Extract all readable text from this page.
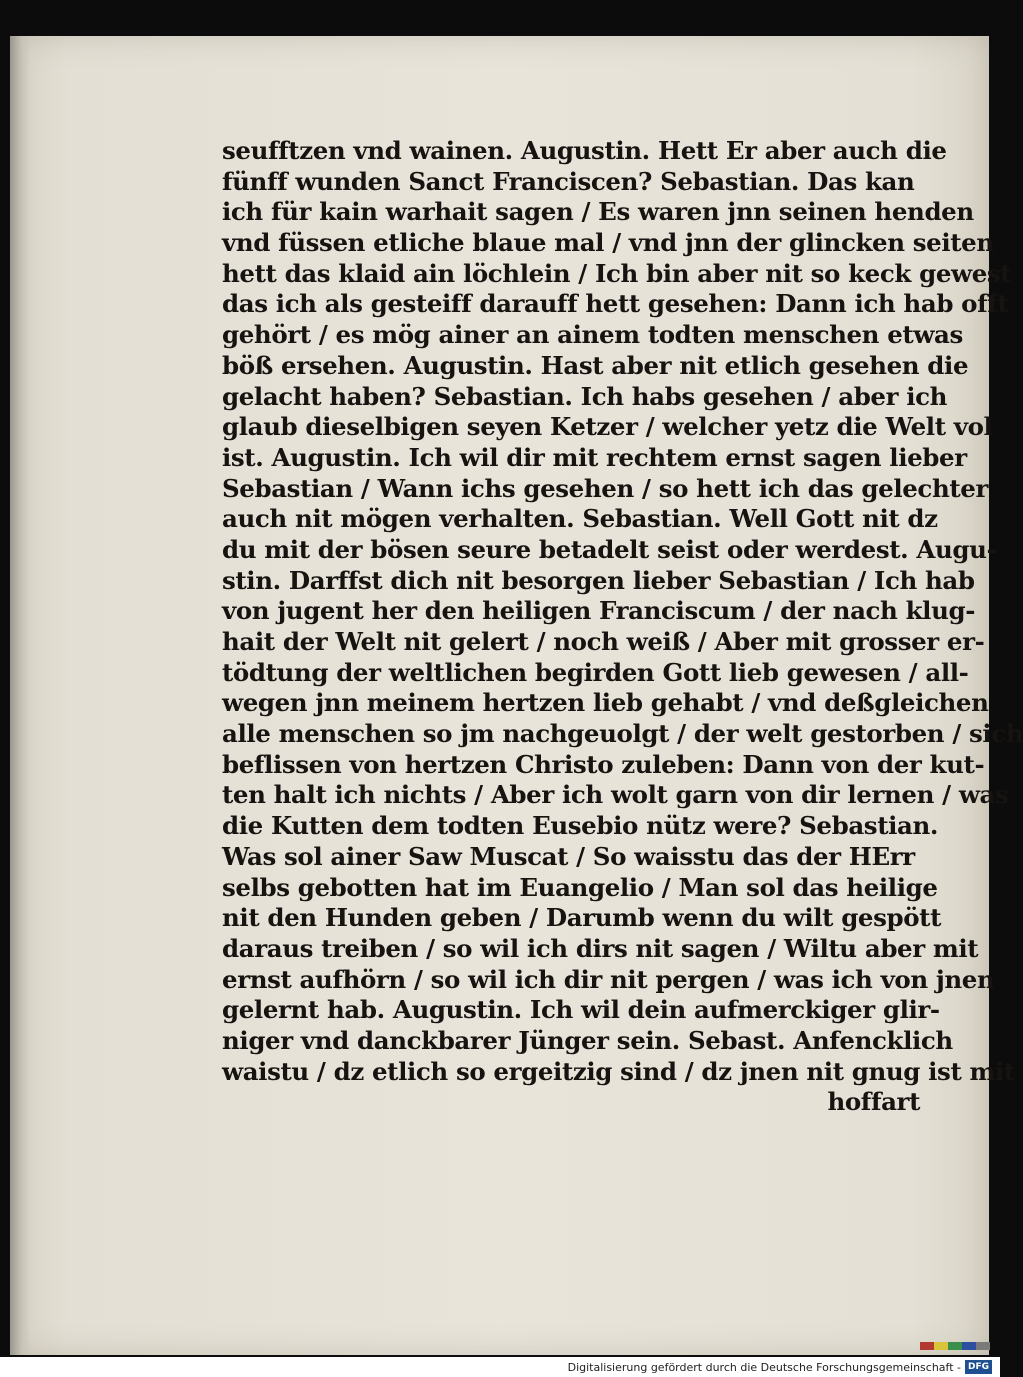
seufftzen vnd wainen. Augustin. Hett Er aber auch die
fünff wunden Sanct Franciscen? Sebastian. Das kan
ich für kain warhait sagen / Es waren jnn seinen henden
vnd füssen etliche blaue mal / vnd jnn der glincken seiten
hett das klaid ain löchlein / Ich bin aber nit so keck gewest
das ich als gesteiff darauff hett gesehen: Dann ich hab offt
gehört / es mög ainer an ainem todten menschen etwas
böß ersehen. Augustin. Hast aber nit etlich gesehen die
gelacht haben? Sebastian. Ich habs gesehen / aber ich
glaub dieselbigen seyen Ketzer / welcher yetz die Welt vol
ist. Augustin. Ich wil dir mit rechtem ernst sagen lieber
Sebastian / Wann ichs gesehen / so hett ich das gelechter
auch nit mögen verhalten. Sebastian. Well Gott nit dz
du mit der bösen seure betadelt seist oder werdest. Augu-
stin. Darffst dich nit besorgen lieber Sebastian / Ich hab
von jugent her den heiligen Franciscum / der nach klug-
hait der Welt nit gelert / noch weiß / Aber mit grosser er-
tödtung der weltlichen begirden Gott lieb gewesen / all-
wegen jnn meinem hertzen lieb gehabt / vnd deßgleichen
alle menschen so jm nachgeuolgt / der welt gestorben / sich
beflissen von hertzen Christo zuleben: Dann von der kut-
ten halt ich nichts / Aber ich wolt garn von dir lernen / was
die Kutten dem todten Eusebio nütz were? Sebastian.
Was sol ainer Saw Muscat / So waisstu das der HErr
selbs gebotten hat im Euangelio / Man sol das heilige
nit den Hunden geben / Darumb wenn du wilt gespött
daraus treiben / so wil ich dirs nit sagen / Wiltu aber mit
ernst aufhörn / so wil ich dir nit pergen / was ich von jnen
gelernt hab. Augustin. Ich wil dein aufmerckiger glir-
niger vnd danckbarer Jünger sein. Sebast. Anfencklich
waistu / dz etlich so ergeitzig sind / dz jnen nit gnug ist mit
hoffart
Digitalisierung gefördert durch die Deutsche Forschungsgemeinschaft - DFG
